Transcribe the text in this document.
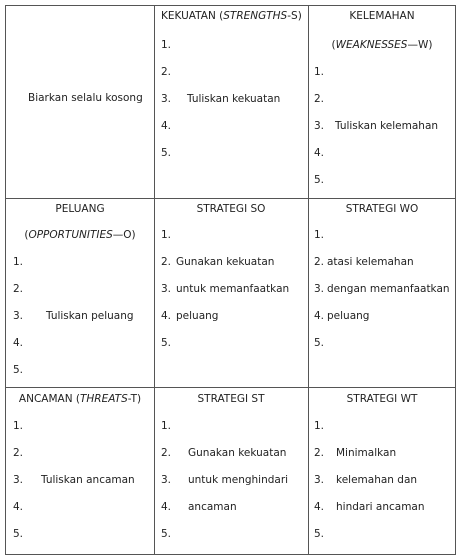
Biarkan selalu kosong
KEKUATAN (STRENGTHS-S)
1.
2.
3. Tuliskan kekuatan
4.
5.
KELEMAHAN
(WEAKNESSES—W)
1.
2.
3. Tuliskan kelemahan
4.
5.
PELUANG
(OPPORTUNITIES—O)
1.
2.
3. Tuliskan peluang
4.
5.
STRATEGI SO
1.
2. Gunakan kekuatan
3. untuk memanfaatkan
4. peluang
5.
STRATEGI WO
1.
2. atasi kelemahan
3. dengan memanfaatkan
4. peluang
5.
ANCAMAN (THREATS-T)
1.
2.
3. Tuliskan ancaman
4.
5.
STRATEGI ST
1.
2. Gunakan kekuatan
3. untuk menghindari
4. ancaman
5.
STRATEGI WT
1.
2. Minimalkan
3. kelemahan dan
4. hindari ancaman
5.
